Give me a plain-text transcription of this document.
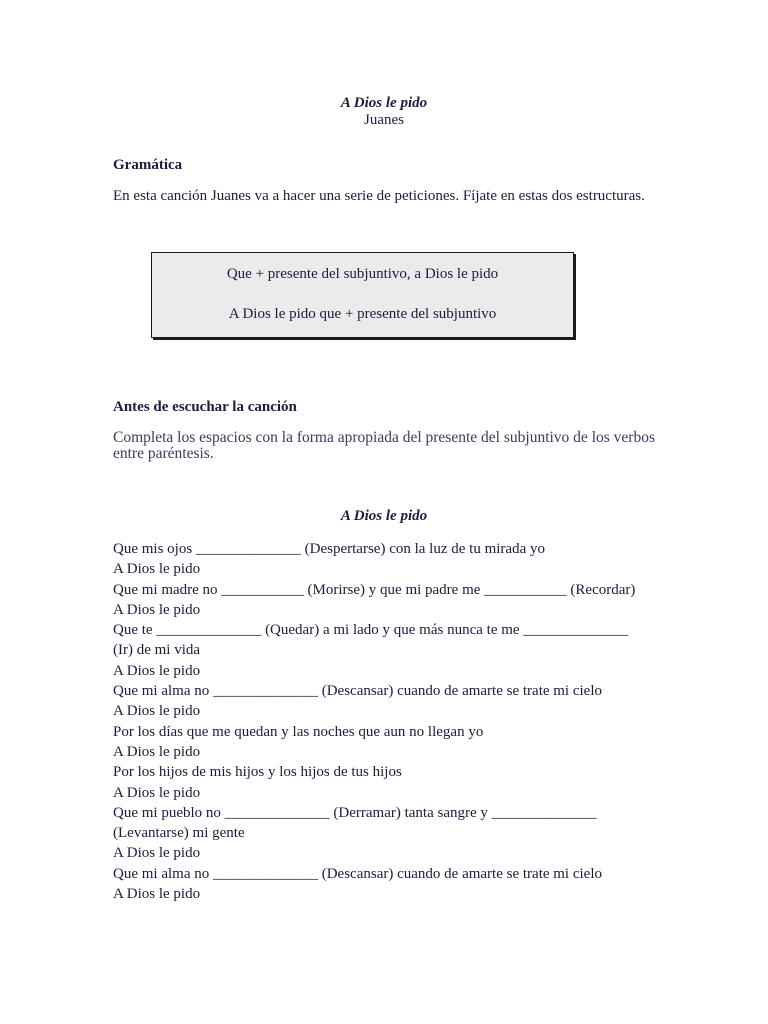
A Dios le pido
Juanes
Gramática
En esta canción Juanes va a hacer una serie de peticiones. Fíjate en estas dos estructuras.
Que + presente del subjuntivo, a Dios le pido
A Dios le pido que + presente del subjuntivo
Antes de escuchar la canción
Completa los espacios con la forma apropiada del presente del subjuntivo de los verbos entre paréntesis.
A Dios le pido
Que mis ojos ______________ (Despertarse) con la luz de tu mirada yo
A Dios le pido
Que mi madre no ___________ (Morirse) y que mi padre me ___________ (Recordar)
A Dios le pido
Que te ______________ (Quedar) a mi lado y que más nunca te me ______________
(Ir) de mi vida
A Dios le pido
Que mi alma no ______________ (Descansar) cuando de amarte se trate mi cielo
A Dios le pido
Por los días que me quedan y las noches que aun no llegan yo
A Dios le pido
Por los hijos de mis hijos y los hijos de tus hijos
A Dios le pido
Que mi pueblo no ______________ (Derramar) tanta sangre y ______________
(Levantarse) mi gente
A Dios le pido
Que mi alma no ______________ (Descansar) cuando de amarte se trate mi cielo
A Dios le pido
